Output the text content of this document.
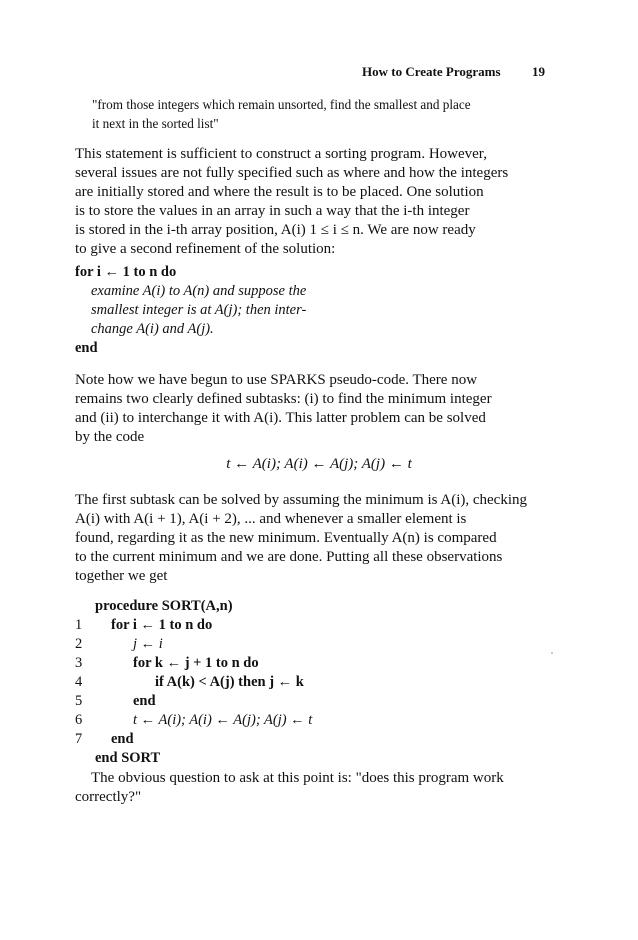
How to Create Programs 19
"from those integers which remain unsorted, find the smallest and place
it next in the sorted list"
This statement is sufficient to construct a sorting program. However,
several issues are not fully specified such as where and how the integers
are initially stored and where the result is to be placed. One solution
is to store the values in an array in such a way that the i-th integer
is stored in the i-th array position, A(i) 1 ≤ i ≤ n. We are now ready
to give a second refinement of the solution:
for i ← 1 to n do
examine A(i) to A(n) and suppose the
smallest integer is at A(j); then inter-
change A(i) and A(j).
end
Note how we have begun to use SPARKS pseudo-code. There now
remains two clearly defined subtasks: (i) to find the minimum integer
and (ii) to interchange it with A(i). This latter problem can be solved
by the code
t ← A(i); A(i) ← A(j); A(j) ← t
The first subtask can be solved by assuming the minimum is A(i), checking
A(i) with A(i + 1), A(i + 2), ... and whenever a smaller element is
found, regarding it as the new minimum. Eventually A(n) is compared
to the current minimum and we are done. Putting all these observations
together we get
procedure SORT(A,n)
1	for i ← 1 to n do
2	j ← i
3	for k ← j + 1 to n do
4	if A(k) < A(j) then j ← k
5	end
6	t ← A(i); A(i) ← A(j); A(j) ← t
7	end
end SORT
The obvious question to ask at this point is: "does this program work
correctly?"
